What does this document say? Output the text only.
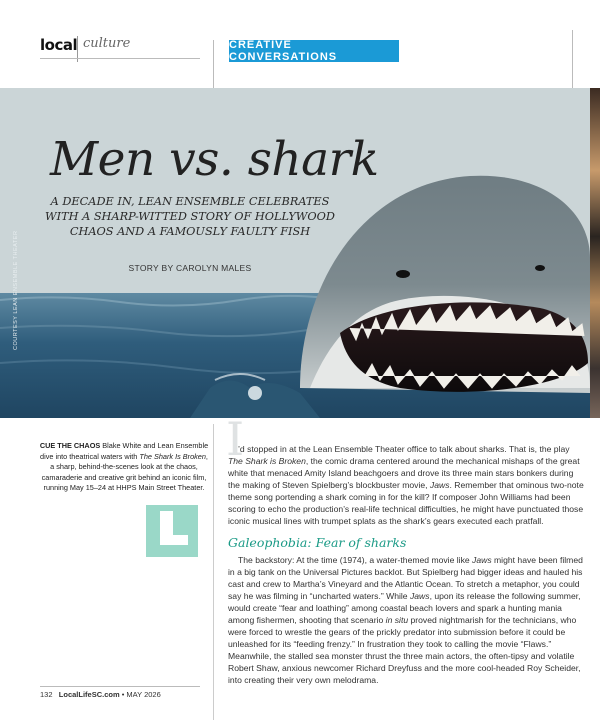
local culture	CREATIVE CONVERSATIONS
Men vs. shark
A DECADE IN, LEAN ENSEMBLE CELEBRATES WITH A SHARP-WITTED STORY OF HOLLYWOOD CHAOS AND A FAMOUSLY FAULTY FISH
STORY BY CAROLYN MALES
COURTESY LEAN ENSEMBLE THEATER
CUE THE CHAOS Blake White and Lean Ensemble dive into theatrical waters with The Shark Is Broken, a sharp, behind-the-scenes look at the chaos, camaraderie and creative grit behind an iconic film, running May 15–24 at HHPS Main Street Theater.
I

’d stopped in at the Lean Ensemble Theater office to talk about sharks. That is, the play The Shark is Broken, the comic drama centered around the mechanical mishaps of the great white that menaced Amity Island beachgoers and drove its three main stars bonkers during the making of Steven Spielberg’s blockbuster movie, Jaws. Remember that ominous two-note theme song portending a shark coming in for the kill? If composer John Williams had been scoring to echo the production’s real-life technical difficulties, he might have punctuated those iconic musical lines with trumpet splats as the shark’s gears executed each pratfall.

Galeophobia: Fear of sharks

The backstory: At the time (1974), a water-themed movie like Jaws might have been filmed in a big tank on the Universal Pictures backlot. But Spielberg had bigger ideas and hauled his cast and crew to Martha’s Vineyard and the Atlantic Ocean. To stretch a metaphor, you could say he was filming in “uncharted waters.” While Jaws, upon its release the following summer, would create “fear and loathing” among coastal beach lovers and spark a hunting mania among fishermen, shooting that scenario in situ proved nightmarish for the technicians, who were forced to wrestle the gears of the prickly predator into submission before it could be unleashed for its “feeding frenzy.” In frustration they took to calling the movie “Flaws.” Meanwhile, the stalled sea monster thrust the three main actors, the often-tipsy and volatile Robert Shaw, anxious newcomer Richard Dreyfuss and the more cool-headed Roy Scheider, into creating their very own melodrama.

132 LocalLifeSC.com • MAY 2026
